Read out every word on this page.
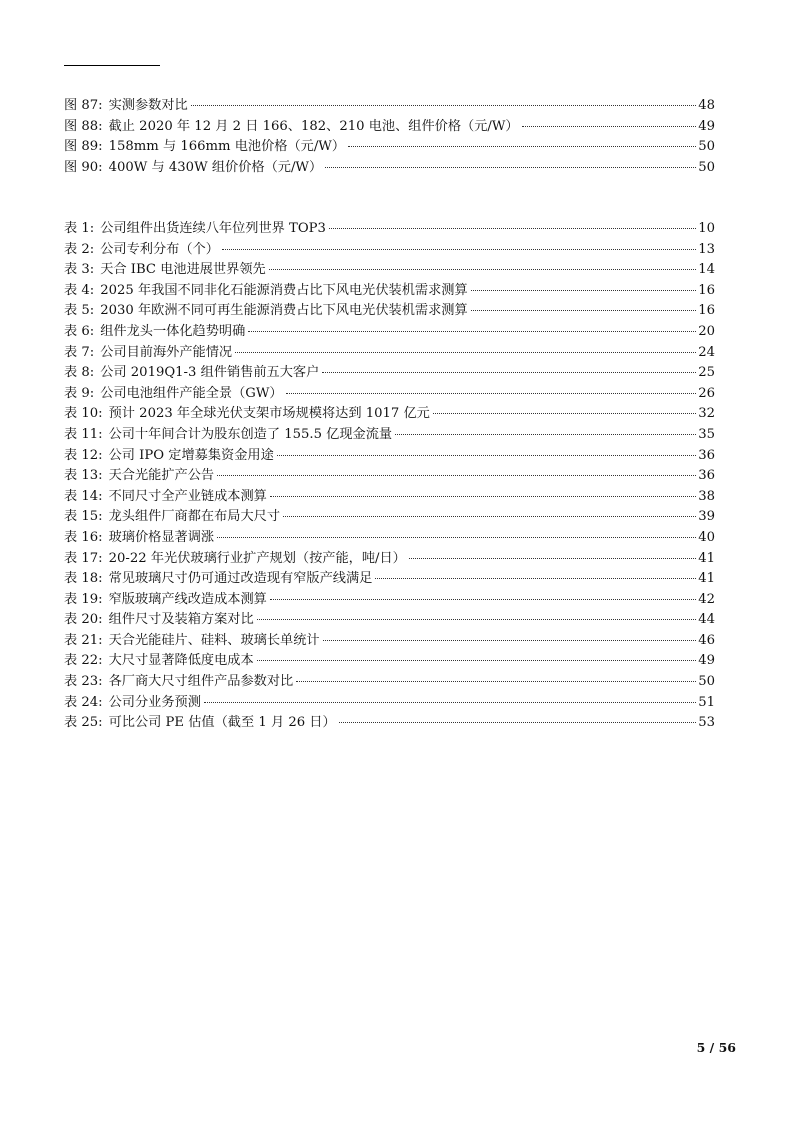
图 87: 实测参数对比	48
图 88: 截止 2020 年 12 月 2 日 166、182、210 电池、组件价格（元/W）	49
图 89: 158mm 与 166mm 电池价格（元/W）	50
图 90: 400W 与 430W 组价价格（元/W）	50
表 1: 公司组件出货连续八年位列世界 TOP3	10
表 2: 公司专利分布（个）	13
表 3: 天合 IBC 电池进展世界领先	14
表 4: 2025 年我国不同非化石能源消费占比下风电光伏装机需求测算	16
表 5: 2030 年欧洲不同可再生能源消费占比下风电光伏装机需求测算	16
表 6: 组件龙头一体化趋势明确	20
表 7: 公司目前海外产能情况	24
表 8: 公司 2019Q1-3 组件销售前五大客户	25
表 9: 公司电池组件产能全景（GW）	26
表 10: 预计 2023 年全球光伏支架市场规模将达到 1017 亿元	32
表 11: 公司十年间合计为股东创造了 155.5 亿现金流量	35
表 12: 公司 IPO 定增募集资金用途	36
表 13: 天合光能扩产公告	36
表 14: 不同尺寸全产业链成本测算	38
表 15: 龙头组件厂商都在布局大尺寸	39
表 16: 玻璃价格显著调涨	40
表 17: 20-22 年光伏玻璃行业扩产规划（按产能，吨/日）	41
表 18: 常见玻璃尺寸仍可通过改造现有窄版产线满足	41
表 19: 窄版玻璃产线改造成本测算	42
表 20: 组件尺寸及装箱方案对比	44
表 21: 天合光能硅片、硅料、玻璃长单统计	46
表 22: 大尺寸显著降低度电成本	49
表 23: 各厂商大尺寸组件产品参数对比	50
表 24: 公司分业务预测	51
表 25: 可比公司 PE 估值（截至 1 月 26 日）	53
5 / 56
